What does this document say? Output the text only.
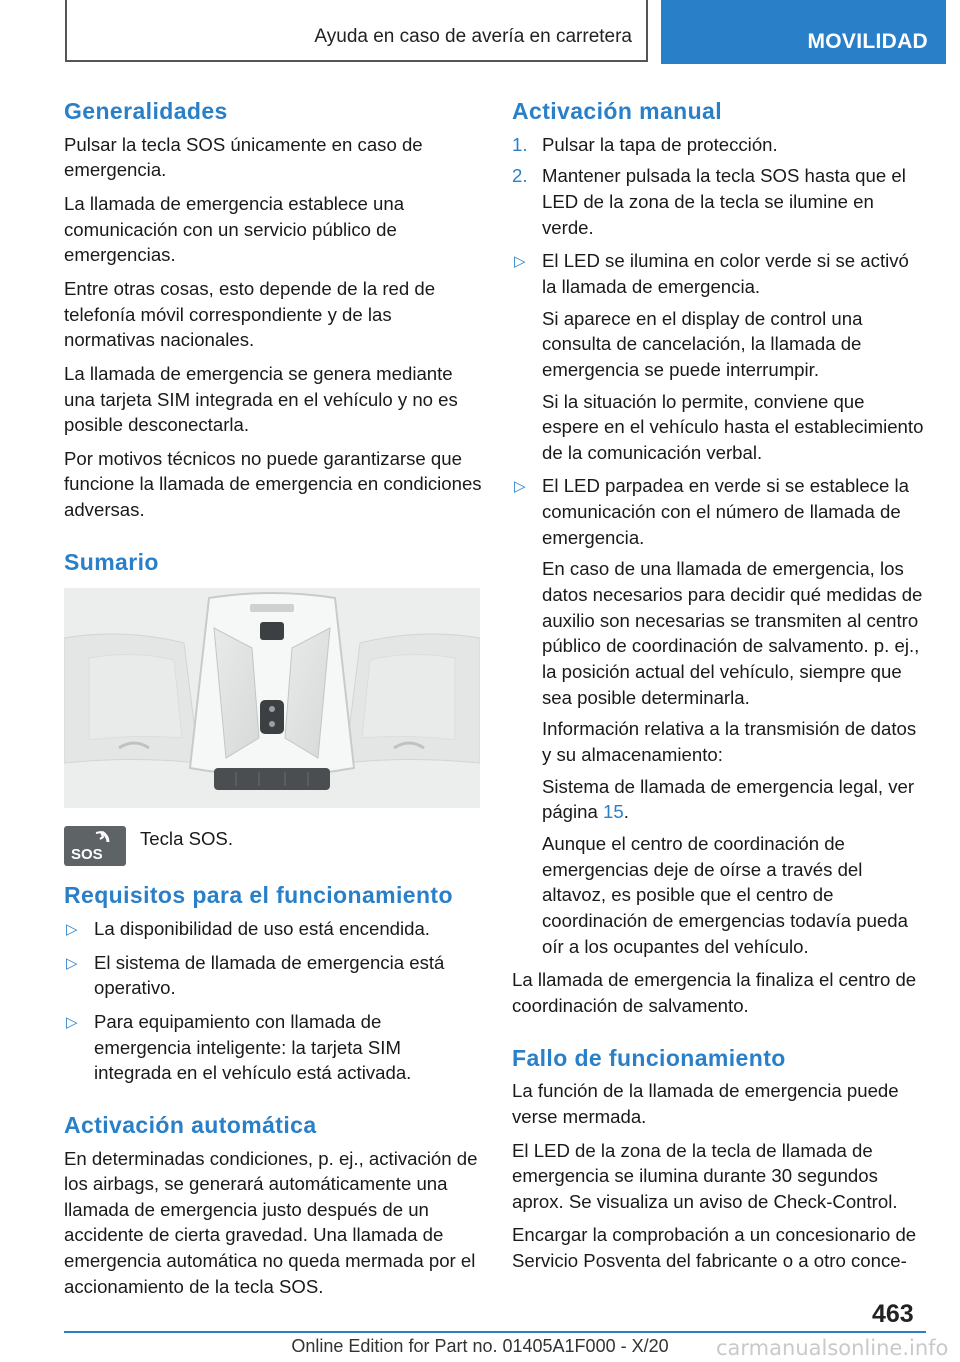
Ayuda en caso de avería en carretera	MOVILIDAD
Generalidades

Pulsar la tecla SOS únicamente en caso de emergencia.

La llamada de emergencia establece una comunicación con un servicio público de emergencias.

Entre otras cosas, esto depende de la red de telefonía móvil correspondiente y de las normativas nacionales.

La llamada de emergencia se genera mediante una tarjeta SIM integrada en el vehículo y no es posible desconectarla.

Por motivos técnicos no puede garantizarse que funcione la llamada de emergencia en condiciones adversas.

Sumario
SOS
Tecla SOS.
Requisitos para el funcionamiento
▷ La disponibilidad de uso está encendida.
▷ El sistema de llamada de emergencia está operativo.
▷ Para equipamiento con llamada de emergencia inteligente: la tarjeta SIM integrada en el vehículo está activada.
Activación automática

En determinadas condiciones, p. ej., activación de los airbags, se generará automáticamente una llamada de emergencia justo después de un accidente de cierta gravedad. Una llamada de emergencia automática no queda mermada por el accionamiento de la tecla SOS.

Activación manual
1. Pulsar la tapa de protección.
2. Mantener pulsada la tecla SOS hasta que el LED de la zona de la tecla se ilumine en verde.
▷ El LED se ilumina en color verde si se activó la llamada de emergencia.

Si aparece en el display de control una consulta de cancelación, la llamada de emergencia se puede interrumpir.

Si la situación lo permite, conviene que espere en el vehículo hasta el establecimiento de la comunicación verbal.

▷ El LED parpadea en verde si se establece la comunicación con el número de llamada de emergencia.

En caso de una llamada de emergencia, los datos necesarios para decidir qué medidas de auxilio son necesarias se transmiten al centro público de coordinación de salvamento. p. ej., la posición actual del vehículo, siempre que sea posible determinarla.

Información relativa a la transmisión de datos y su almacenamiento:

Sistema de llamada de emergencia legal, ver página 15.

Aunque el centro de coordinación de emergencias deje de oírse a través del altavoz, es posible que el centro de coordinación de emergencias todavía pueda oír a los ocupantes del vehículo.

La llamada de emergencia la finaliza el centro de coordinación de salvamento.

Fallo de funcionamiento

La función de la llamada de emergencia puede verse mermada.

El LED de la zona de la tecla de llamada de emergencia se ilumina durante 30 segundos aprox. Se visualiza un aviso de Check-Control.

Encargar la comprobación a un concesionario de Servicio Posventa del fabricante o a otro conce-

463
Online Edition for Part no. 01405A1F000 - X/20	carmanualsonline.info
